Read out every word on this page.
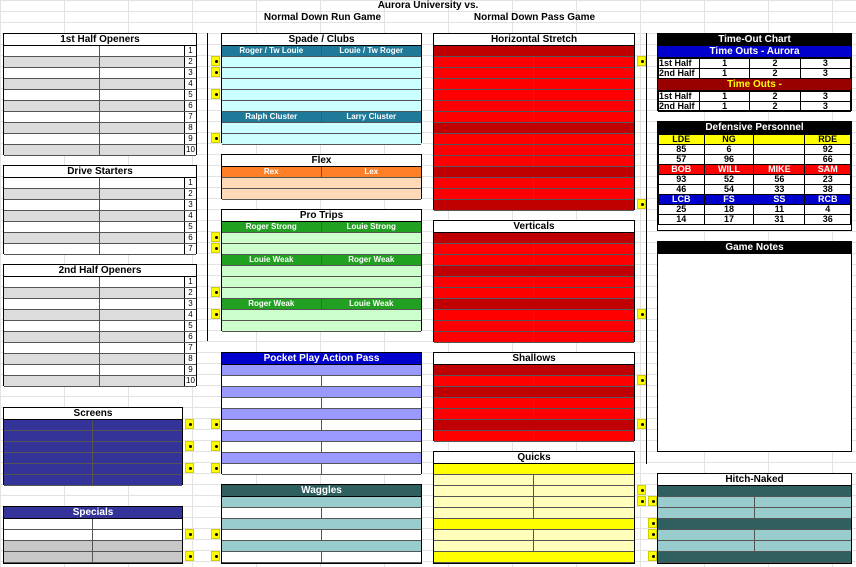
Aurora University vs.
Normal Down Run Game	Normal Down Pass Game
1st Half Openers
1
2
3
4
5
6
7
8
9
10
Drive Starters
1
2
3
4
5
6
7
2nd Half Openers
1
2
3
4
5
6
7
8
9
10
Screens
Specials
Spade / Clubs
Roger / Tw Louie	Louie / Tw Roger
Ralph Cluster	Larry Cluster
Flex
Rex	Lex
Pro Trips
Roger Strong	Louie Strong
Louie Weak	Roger Weak
Roger Weak	Louie Weak
Pocket Play Action Pass
Waggles
Horizontal Stretch
Verticals
Shallows
Quicks
Time-Out Chart
Time Outs - Aurora
1st Half	1	2	3
2nd Half	1	2	3
Time Outs -
1st Half	1	2	3
2nd Half	1	2	3
Defensive Personnel
LDE	NG		RDE
85	6		92
57	96		66
BOB	WILL	MIKE	SAM
93	52	56	23
46	54	33	38
LCB	FS	SS	RCB
25	18	11	4
14	17	31	36
Game Notes
Hitch-Naked
